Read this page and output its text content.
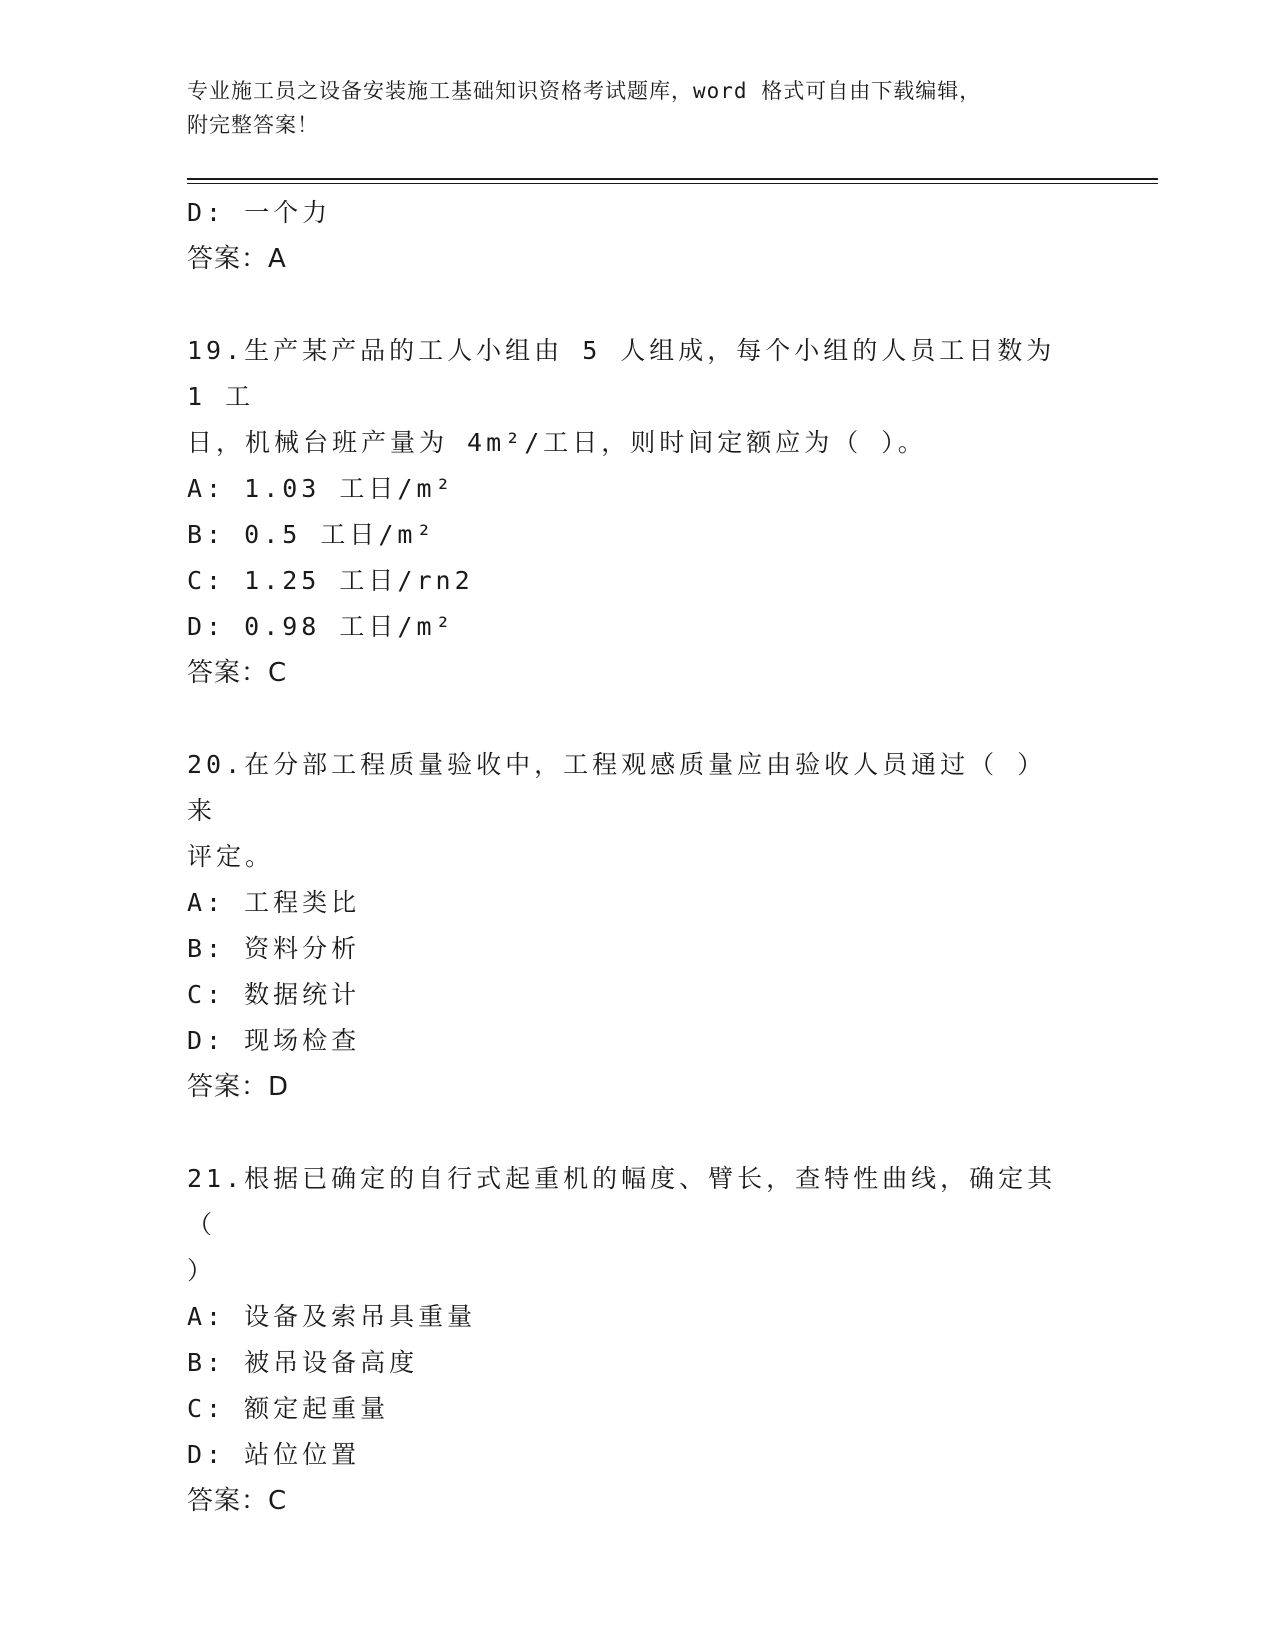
专业施工员之设备安装施工基础知识资格考试题库，word 格式可自由下载编辑，
附完整答案！
D: 一个力
答案：A
19.生产某产品的工人小组由 5 人组成，每个小组的人员工日数为 1 工
日，机械台班产量为 4m²/工日，则时间定额应为（ ）。
A: 1.03 工日/m²
B: 0.5 工日/m²
C: 1.25 工日/rn2
D: 0.98 工日/m²
答案：C
20.在分部工程质量验收中，工程观感质量应由验收人员通过（ ）来
评定。
A: 工程类比
B: 资料分析
C: 数据统计
D: 现场检查
答案：D
21.根据已确定的自行式起重机的幅度、臂长，查特性曲线，确定其（
）
A: 设备及索吊具重量
B: 被吊设备高度
C: 额定起重量
D: 站位位置
答案：C
